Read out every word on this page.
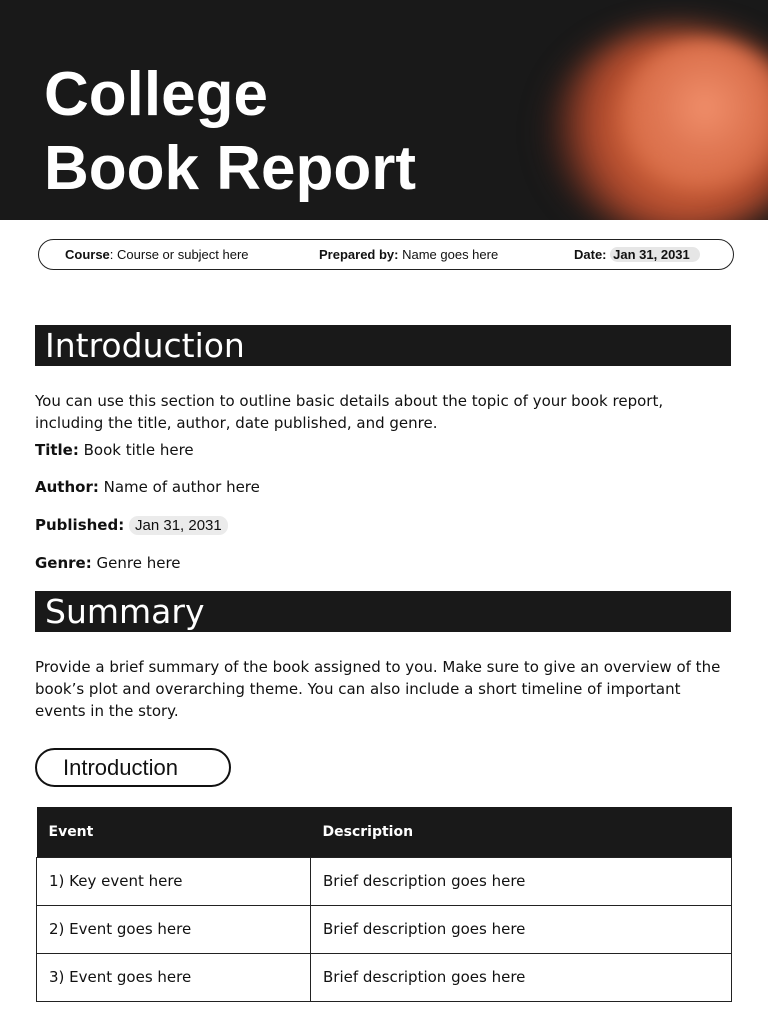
College
Book Report
Course: Course or subject here	Prepared by: Name goes here	Date: Jan 31, 2031
Introduction

You can use this section to outline basic details about the topic of your book report, including the title, author, date published, and genre.

Title: Book title here
Author: Name of author here
Published: Jan 31, 2031
Genre: Genre here
Summary

Provide a brief summary of the book assigned to you. Make sure to give an overview of the book’s plot and overarching theme. You can also include a short timeline of important events in the story.

Introduction
Event	Description
1) Key event here	Brief description goes here
2) Event goes here	Brief description goes here
3) Event goes here	Brief description goes here
